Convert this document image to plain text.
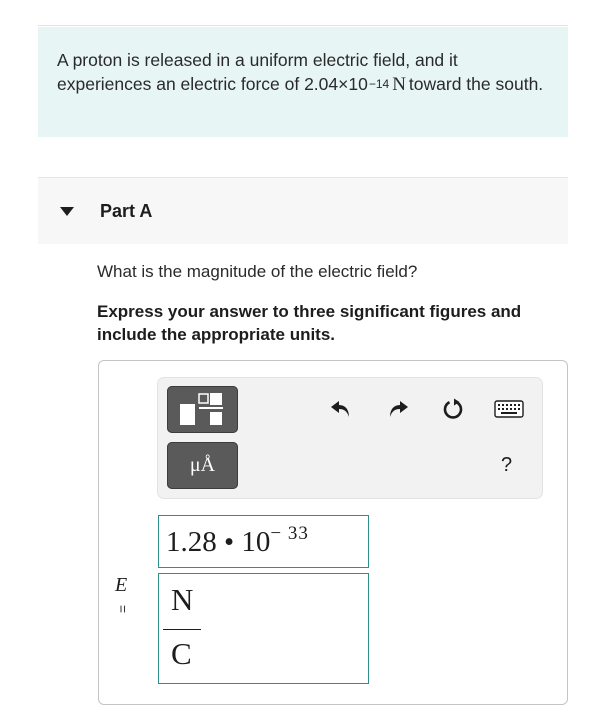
A proton is released in a uniform electric field, and it experiences an electric force of $2.04\times 10^{-14}$ N toward the south.
Part A
What is the magnitude of the electric field?
Express your answer to three significant figures and include the appropriate units.
μÅ	?
E
=
1.28 • $10^{- 33}$
N
C
